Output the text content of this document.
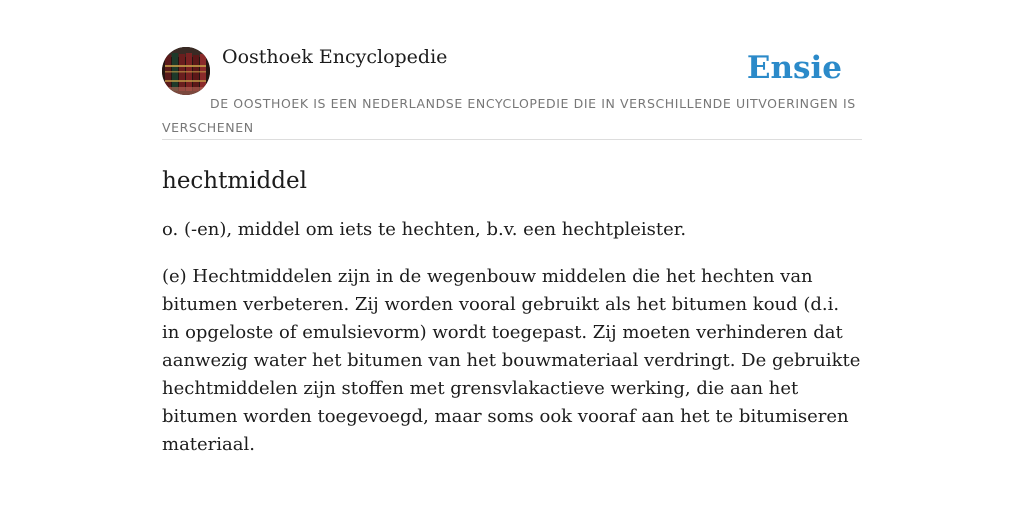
Oosthoek Encyclopedie	Ensie
DE OOSTHOEK IS EEN NEDERLANDSE ENCYCLOPEDIE DIE IN VERSCHILLENDE UITVOERINGEN IS VERSCHENEN
hechtmiddel

o. (-en), middel om iets te hechten, b.v. een hechtpleister.

(e) Hechtmiddelen zijn in de wegenbouw middelen die het hechten van bitumen verbeteren. Zij worden vooral gebruikt als het bitumen koud (d.i. in opgeloste of emulsievorm) wordt toegepast. Zij moeten verhinderen dat aanwezig water het bitumen van het bouwmateriaal verdringt. De gebruikte hechtmiddelen zijn stoffen met grensvlakactieve werking, die aan het bitumen worden toegevoegd, maar soms ook vooraf aan het te bitumiseren materiaal.
